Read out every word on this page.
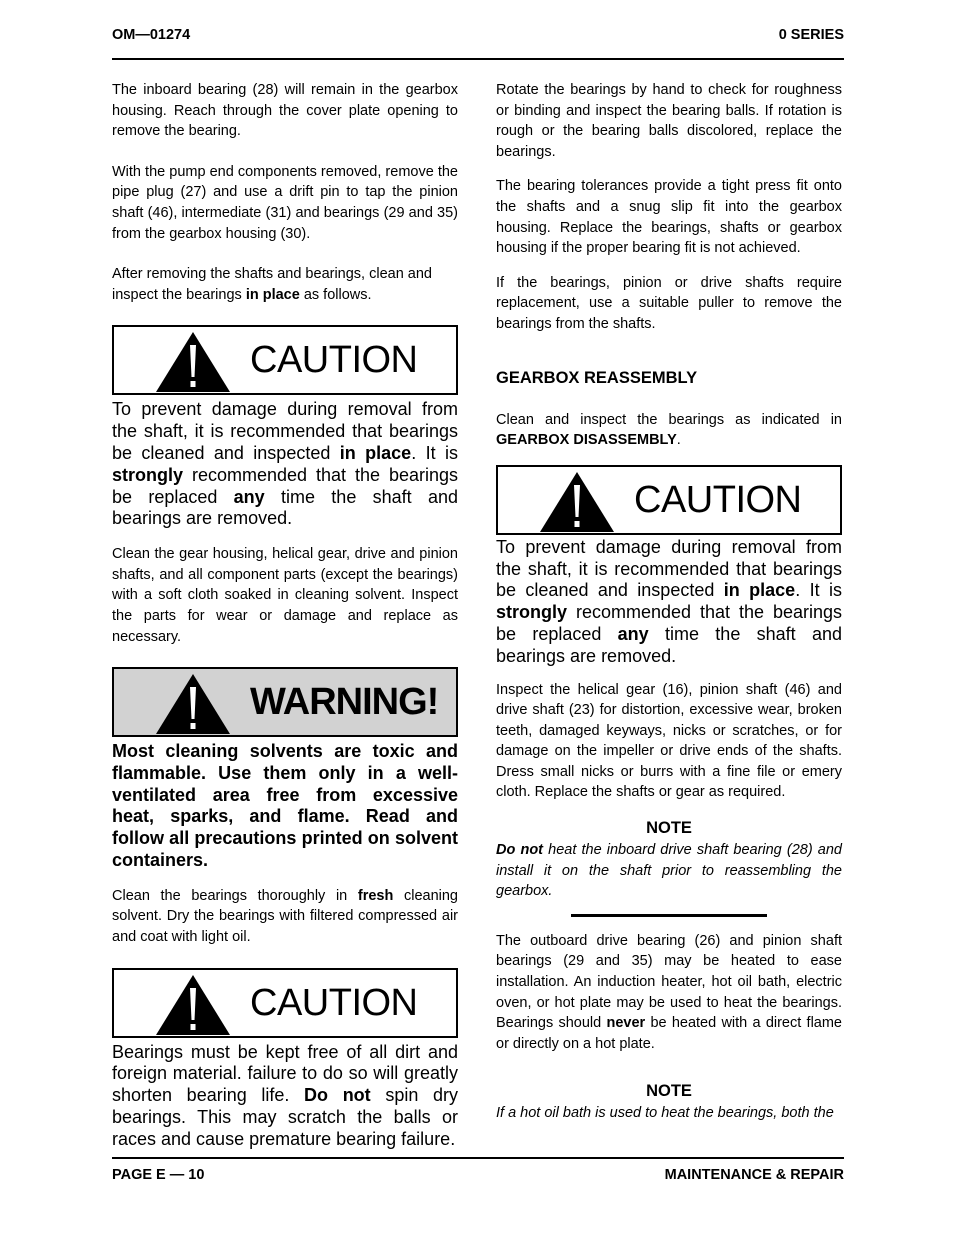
OM—01274	0 SERIES

The inboard bearing (28) will remain in the gearbox housing. Reach through the cover plate opening to remove the bearing.

With the pump end components removed, remove the pipe plug (27) and use a drift pin to tap the pinion shaft (46), intermediate (31) and bearings (29 and 35) from the gearbox housing (30).

After removing the shafts and bearings, clean and inspect the bearings in place as follows.

CAUTION

To prevent damage during removal from the shaft, it is recommended that bearings be cleaned and inspected in place. It is strongly recommended that the bearings be replaced any time the shaft and bearings are removed.

Clean the gear housing, helical gear, drive and pinion shafts, and all component parts (except the bearings) with a soft cloth soaked in cleaning solvent. Inspect the parts for wear or damage and replace as necessary.

WARNING!

Most cleaning solvents are toxic and flammable. Use them only in a well-ventilated area free from excessive heat, sparks, and flame. Read and follow all precautions printed on solvent containers.

Clean the bearings thoroughly in fresh cleaning solvent. Dry the bearings with filtered compressed air and coat with light oil.

CAUTION

Bearings must be kept free of all dirt and foreign material. failure to do so will greatly shorten bearing life. Do not spin dry bearings. This may scratch the balls or races and cause premature bearing failure.

Rotate the bearings by hand to check for roughness or binding and inspect the bearing balls. If rotation is rough or the bearing balls discolored, replace the bearings.

The bearing tolerances provide a tight press fit onto the shafts and a snug slip fit into the gearbox housing. Replace the bearings, shafts or gearbox housing if the proper bearing fit is not achieved.

If the bearings, pinion or drive shafts require replacement, use a suitable puller to remove the bearings from the shafts.

GEARBOX REASSEMBLY

Clean and inspect the bearings as indicated in GEARBOX DISASSEMBLY.

CAUTION

To prevent damage during removal from the shaft, it is recommended that bearings be cleaned and inspected in place. It is strongly recommended that the bearings be replaced any time the shaft and bearings are removed.

Inspect the helical gear (16), pinion shaft (46) and drive shaft (23) for distortion, excessive wear, broken teeth, damaged keyways, nicks or scratches, or for damage on the impeller or drive ends of the shafts. Dress small nicks or burrs with a fine file or emery cloth. Replace the shafts or gear as required.

NOTE

Do not heat the inboard drive shaft bearing (28) and install it on the shaft prior to reassembling the gearbox.

The outboard drive bearing (26) and pinion shaft bearings (29 and 35) may be heated to ease installation. An induction heater, hot oil bath, electric oven, or hot plate may be used to heat the bearings. Bearings should never be heated with a direct flame or directly on a hot plate.

NOTE

If a hot oil bath is used to heat the bearings, both the

PAGE E — 10	MAINTENANCE & REPAIR
